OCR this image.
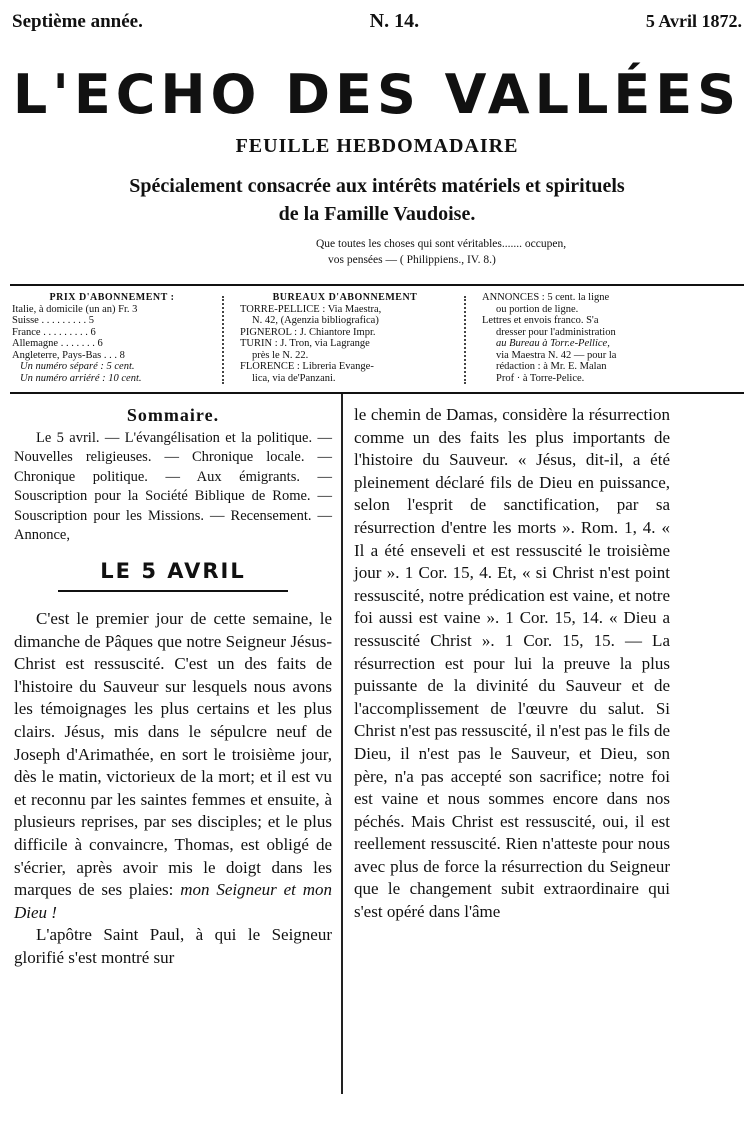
Septième année.	N. 14.	5 Avril 1872.
L'ECHO DES VALLÉES
FEUILLE HEBDOMADAIRE
Spécialement consacrée aux intérêts matériels et spirituels
de la Famille Vaudoise.
Que toutes les choses qui sont véritables....... occupen,
vos pensées — ( Philippiens., IV. 8.)
PRIX D'ABONNEMENT :
Italie, à domicile (un an) Fr. 3
Suisse . . . . . . . . . 5
France . . . . . . . . . 6
Allemagne . . . . . . . 6
Angleterre, Pays-Bas . . . 8
Un numéro séparé : 5 cent.
Un numéro arriéré : 10 cent.
BUREAUX D'ABONNEMENT
TORRE-PELLICE : Via Maestra,
N. 42, (Agenzia bibliografica)
PIGNEROL : J. Chiantore Impr.
TURIN : J. Tron, via Lagrange
près le N. 22.
FLORENCE : Libreria Evange-
lica, via de'Panzani.
ANNONCES : 5 cent. la ligne
ou portion de ligne.
Lettres et envois franco. S'a
dresser pour l'administration
au Bureau à Torr.e-Pellice,
via Maestra N. 42 — pour la
rédaction : à Mr. E. Malan
Prof · à Torre-Pelice.
Sommaire.

Le 5 avril. — L'évangélisation et la politique. — Nouvelles religieuses. — Chronique locale. — Chronique politique. — Aux émigrants. — Souscription pour la Société Biblique de Rome. — Souscription pour les Missions. — Recensement. — Annonce,

LE 5 AVRIL

C'est le premier jour de cette semaine, le dimanche de Pâques que notre Seigneur Jésus-Christ est ressuscité. C'est un des faits de l'histoire du Sauveur sur lesquels nous avons les témoignages les plus certains et les plus clairs. Jésus, mis dans le sépulcre neuf de Joseph d'Arimathée, en sort le troisième jour, dès le matin, victorieux de la mort; et il est vu et reconnu par les saintes femmes et ensuite, à plusieurs reprises, par ses disciples; et le plus difficile à convaincre, Thomas, est obligé de s'écrier, après avoir mis le doigt dans les marques de ses plaies: mon Seigneur et mon Dieu !

L'apôtre Saint Paul, à qui le Seigneur glorifié s'est montré sur

le chemin de Damas, considère la résurrection comme un des faits les plus importants de l'histoire du Sauveur. « Jésus, dit-il, a été pleinement déclaré fils de Dieu en puissance, selon l'esprit de sanctification, par sa résurrection d'entre les morts ». Rom. 1, 4. « Il a été enseveli et est ressuscité le troisième jour ». 1 Cor. 15, 4. Et, « si Christ n'est point ressuscité, notre prédication est vaine, et notre foi aussi est vaine ». 1 Cor. 15, 14. « Dieu a ressuscité Christ ». 1 Cor. 15, 15. — La résurrection est pour lui la preuve la plus puissante de la divinité du Sauveur et de l'accomplissement de l'œuvre du salut. Si Christ n'est pas ressuscité, il n'est pas le fils de Dieu, il n'est pas le Sauveur, et Dieu, son père, n'a pas accepté son sacrifice; notre foi est vaine et nous sommes encore dans nos péchés. Mais Christ est ressuscité, oui, il est reellement ressuscité. Rien n'atteste pour nous avec plus de force la résurrection du Seigneur que le changement subit extraordinaire qui s'est opéré dans l'âme
